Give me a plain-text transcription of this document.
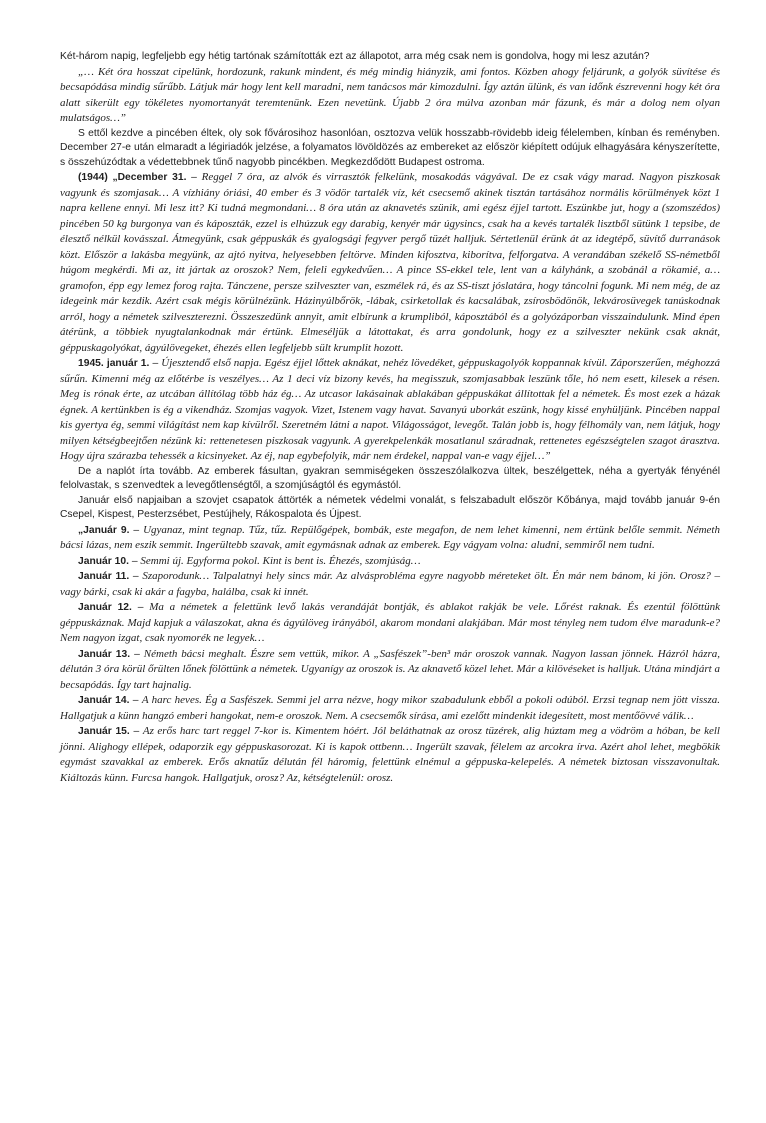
Két-három napig, legfeljebb egy hétig tartónak számították ezt az állapotot, arra még csak nem is gondolva, hogy mi lesz azután?

„… Két óra hosszat cipelünk, hordozunk, rakunk mindent, és még mindig hiányzik, ami fontos. Közben ahogy feljárunk, a golyók süvítése és becsapódása mindig sűrűbb. Látjuk már hogy lent kell maradni, nem tanácsos már kimozdulni. Így aztán ülünk, és van időnk észrevenni hogy két óra alatt sikerült egy tökéletes nyomortanyát teremtenünk. Ezen nevetünk. Újabb 2 óra múlva azonban már fázunk, és már a dolog nem olyan mulatságos…”

S ettől kezdve a pincében éltek, oly sok fővárosihoz hasonlóan, osztozva velük hosszabb-rövidebb ideig félelemben, kínban és reményben. December 27-e után elmaradt a légiriadók jelzése, a folyamatos lövöldözés az embereket az először kiépített odújuk elhagyására kényszerítette, s összehúzódtak a védettebbnek tűnő nagyobb pincékben. Megkezdődött Budapest ostroma.

(1944) „December 31. – Reggel 7 óra, az alvók és virrasztók felkelünk, mosakodás vágyával. De ez csak vágy marad. Nagyon piszkosak vagyunk és szomjasak… A vízhiány óriási, 40 ember és 3 vödör tartalék víz, két csecsemő akinek tisztán tartásához normális körülmények közt 1 napra kellene ennyi. Mi lesz itt? Ki tudná megmondani… 8 óra után az aknavetés szünik, ami egész éjjel tartott. Eszünkbe jut, hogy a (szomszédos) pincében 50 kg burgonya van és káposzták, ezzel is elhúzzuk egy darabig, kenyér már úgysincs, csak ha a kevés tartalék lisztből sütünk 1 tepsibe, de élesztő nélkül kovásszal. Átmegyünk, csak géppuskák és gyalogsági fegyver pergő tüzét halljuk. Sértetlenül érünk át az idegtépő, süvítő durranások közt. Először a lakásba megyünk, az ajtó nyitva, helyesebben feltörve. Minden kifosztva, kiborítva, felforgatva. A verandában székelő SS-németből húgom megkérdi. Mi az, itt jártak az oroszok? Nem, feleli egykedvűen… A pince SS-ekkel tele, lent van a kályhánk, a szobánál a rökamié, a… gramofon, épp egy lemez forog rajta. Tánczene, persze szilveszter van, eszmélek rá, és az SS-tiszt jóslatára, hogy táncolni fogunk. Mi nem még, de az idegeink már kezdik. Azért csak mégis körülnézünk. Házinyúlbőrök, -lábak, csirketollak és kacsalábak, zsírosbödönök, lekvárosüvegek tanúskodnak arról, hogy a németek szilveszterezni. Összeszedünk annyit, amit elbírunk a krumpliból, káposztából és a golyózáporban visszaindulunk. Mind épen átérünk, a többiek nyugtalankodnak már értünk. Elmeséljük a látottakat, és arra gondolunk, hogy ez a szilveszter nekünk csak aknát, géppuskagolyókat, ágyúlövegeket, éhezés ellen legfeljebb sült krumplit hozott.

1945. január 1. – Újesztendő első napja. Egész éjjel lőttek aknákat, nehéz lövedéket, géppuskagolyók koppannak kívül. Záporszerűen, méghozzá sűrűn. Kimenni még az előtérbe is veszélyes… Az 1 deci víz bizony kevés, ha megisszuk, szomjasabbak leszünk tőle, hó nem esett, kilesek a résen. Meg is rónak érte, az utcában állítólag több ház ég… Az utcasor lakásainak ablakában géppuskákat állítottak fel a németek. És most ezek a házak égnek. A kertünkben is ég a vikendház. Szomjas vagyok. Vizet, Istenem vagy havat. Savanyú uborkát eszünk, hogy kissé enyhüljünk. Pincében nappal kis gyertya ég, semmi világítást nem kap kívülről. Szeretném látni a napot. Világosságot, levegőt. Talán jobb is, hogy félhomály van, nem látjuk, hogy milyen kétségbeejtően nézünk ki: rettenetesen piszkosak vagyunk. A gyerekpelenkák mosatlanul száradnak, rettenetes egészségtelen szagot árasztva. Hogy újra szárazba tehessék a kicsinyeket. Az éj, nap egybefolyik, már nem érdekel, nappal van-e vagy éjjel…”

De a naplót írta tovább. Az emberek fásultan, gyakran semmiségeken összeszólalkozva ültek, beszélgettek, néha a gyertyák fényénél felolvastak, s szenvedtek a levegőtlenségtől, a szomjúságtól és egymástól.

Január első napjaiban a szovjet csapatok áttörték a németek védelmi vonalát, s felszabadult először Kőbánya, majd tovább január 9-én Csepel, Kispest, Pesterzsébet, Pestújhely, Rákospalota és Újpest.

„Január 9. – Ugyanaz, mint tegnap. Tűz, tűz. Repülőgépek, bombák, este megafon, de nem lehet kimenni, nem értünk belőle semmit. Németh bácsi lázas, nem eszik semmit. Ingerültebb szavak, amit egymásnak adnak az emberek. Egy vágyam volna: aludni, semmiről nem tudni.

Január 10. – Semmi új. Egyforma pokol. Kint is bent is. Éhezés, szomjúság…

Január 11. – Szaporodunk… Talpalatnyi hely sincs már. Az alvásprobléma egyre nagyobb méreteket ölt. Én már nem bánom, ki jön. Orosz? – vagy bárki, csak ki akár a fagyba, halálba, csak ki innét.

Január 12. – Ma a németek a felettünk levő lakás verandáját bontják, és ablakot rakják be vele. Lőrést raknak. És ezentúl fölöttünk géppuskáznak. Majd kapjuk a válaszokat, akna és ágyúlöveg irányából, akarom mondani alakjában. Már most tényleg nem tudom élve maradunk-e? Nem nagyon izgat, csak nyomorék ne legyek…

Január 13. – Németh bácsi meghalt. Észre sem vettük, mikor. A „Sasfészek”-ben³ már oroszok vannak. Nagyon lassan jönnek. Házról házra, délután 3 óra körül őrülten lőnek fölöttünk a németek. Ugyanígy az oroszok is. Az aknavető közel lehet. Már a kilövéseket is halljuk. Utána mindjárt a becsapódás. Így tart hajnalig.

Január 14. – A harc heves. Ég a Sasfészek. Semmi jel arra nézve, hogy mikor szabadulunk ebből a pokoli odúból. Erzsi tegnap nem jött vissza. Hallgatjuk a künn hangzó emberi hangokat, nem-e oroszok. Nem. A csecsemők sírása, ami ezelőtt mindenkit idegesített, most mentőövvé válik…

Január 15. – Az erős harc tart reggel 7-kor is. Kimentem hóért. Jól beláthatnak az orosz tüzérek, alig húztam meg a vödröm a hóban, be kell jönni. Alighogy ellépek, odaporzik egy géppuskasorozat. Ki is kapok ottbenn… Ingerült szavak, félelem az arcokra írva. Azért ahol lehet, megbökik egymást szavakkal az emberek. Erős aknatűz délután fél háromig, felettünk elnémul a géppuska-kelepelés. A németek biztosan visszavonultak. Kiáltozás künn. Furcsa hangok. Hallgatjuk, orosz? Az, kétségtelenül: orosz.
